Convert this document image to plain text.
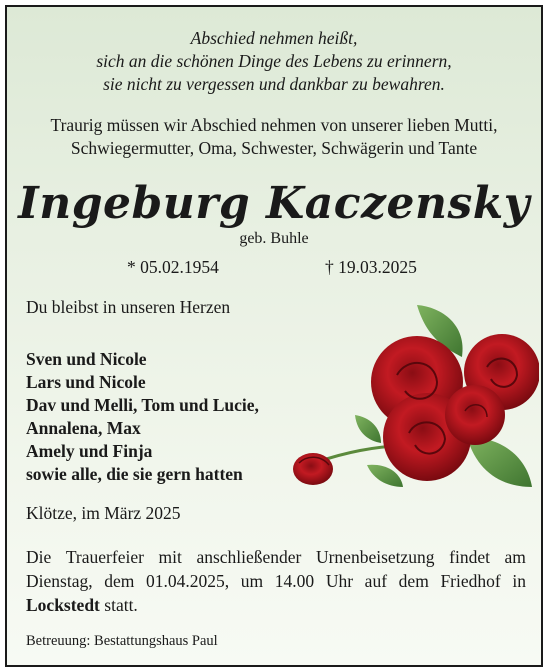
Abschied nehmen heißt,
sich an die schönen Dinge des Lebens zu erinnern,
sie nicht zu vergessen und dankbar zu bewahren.
Traurig müssen wir Abschied nehmen von unserer lieben Mutti,
Schwiegermutter, Oma, Schwester, Schwägerin und Tante
Ingeburg Kaczensky
geb. Buhle
* 05.02.1954	† 19.03.2025
Du bleibst in unseren Herzen
Sven und Nicole
Lars und Nicole
Dav und Melli, Tom und Lucie,
Annalena, Max
Amely und Finja
sowie alle, die sie gern hatten
Klötze, im März 2025
Die Trauerfeier mit anschließender Urnenbeisetzung findet am
Dienstag, dem 01.04.2025, um 14.00 Uhr auf dem Friedhof in
Lockstedt statt.
Betreuung: Bestattungshaus Paul
